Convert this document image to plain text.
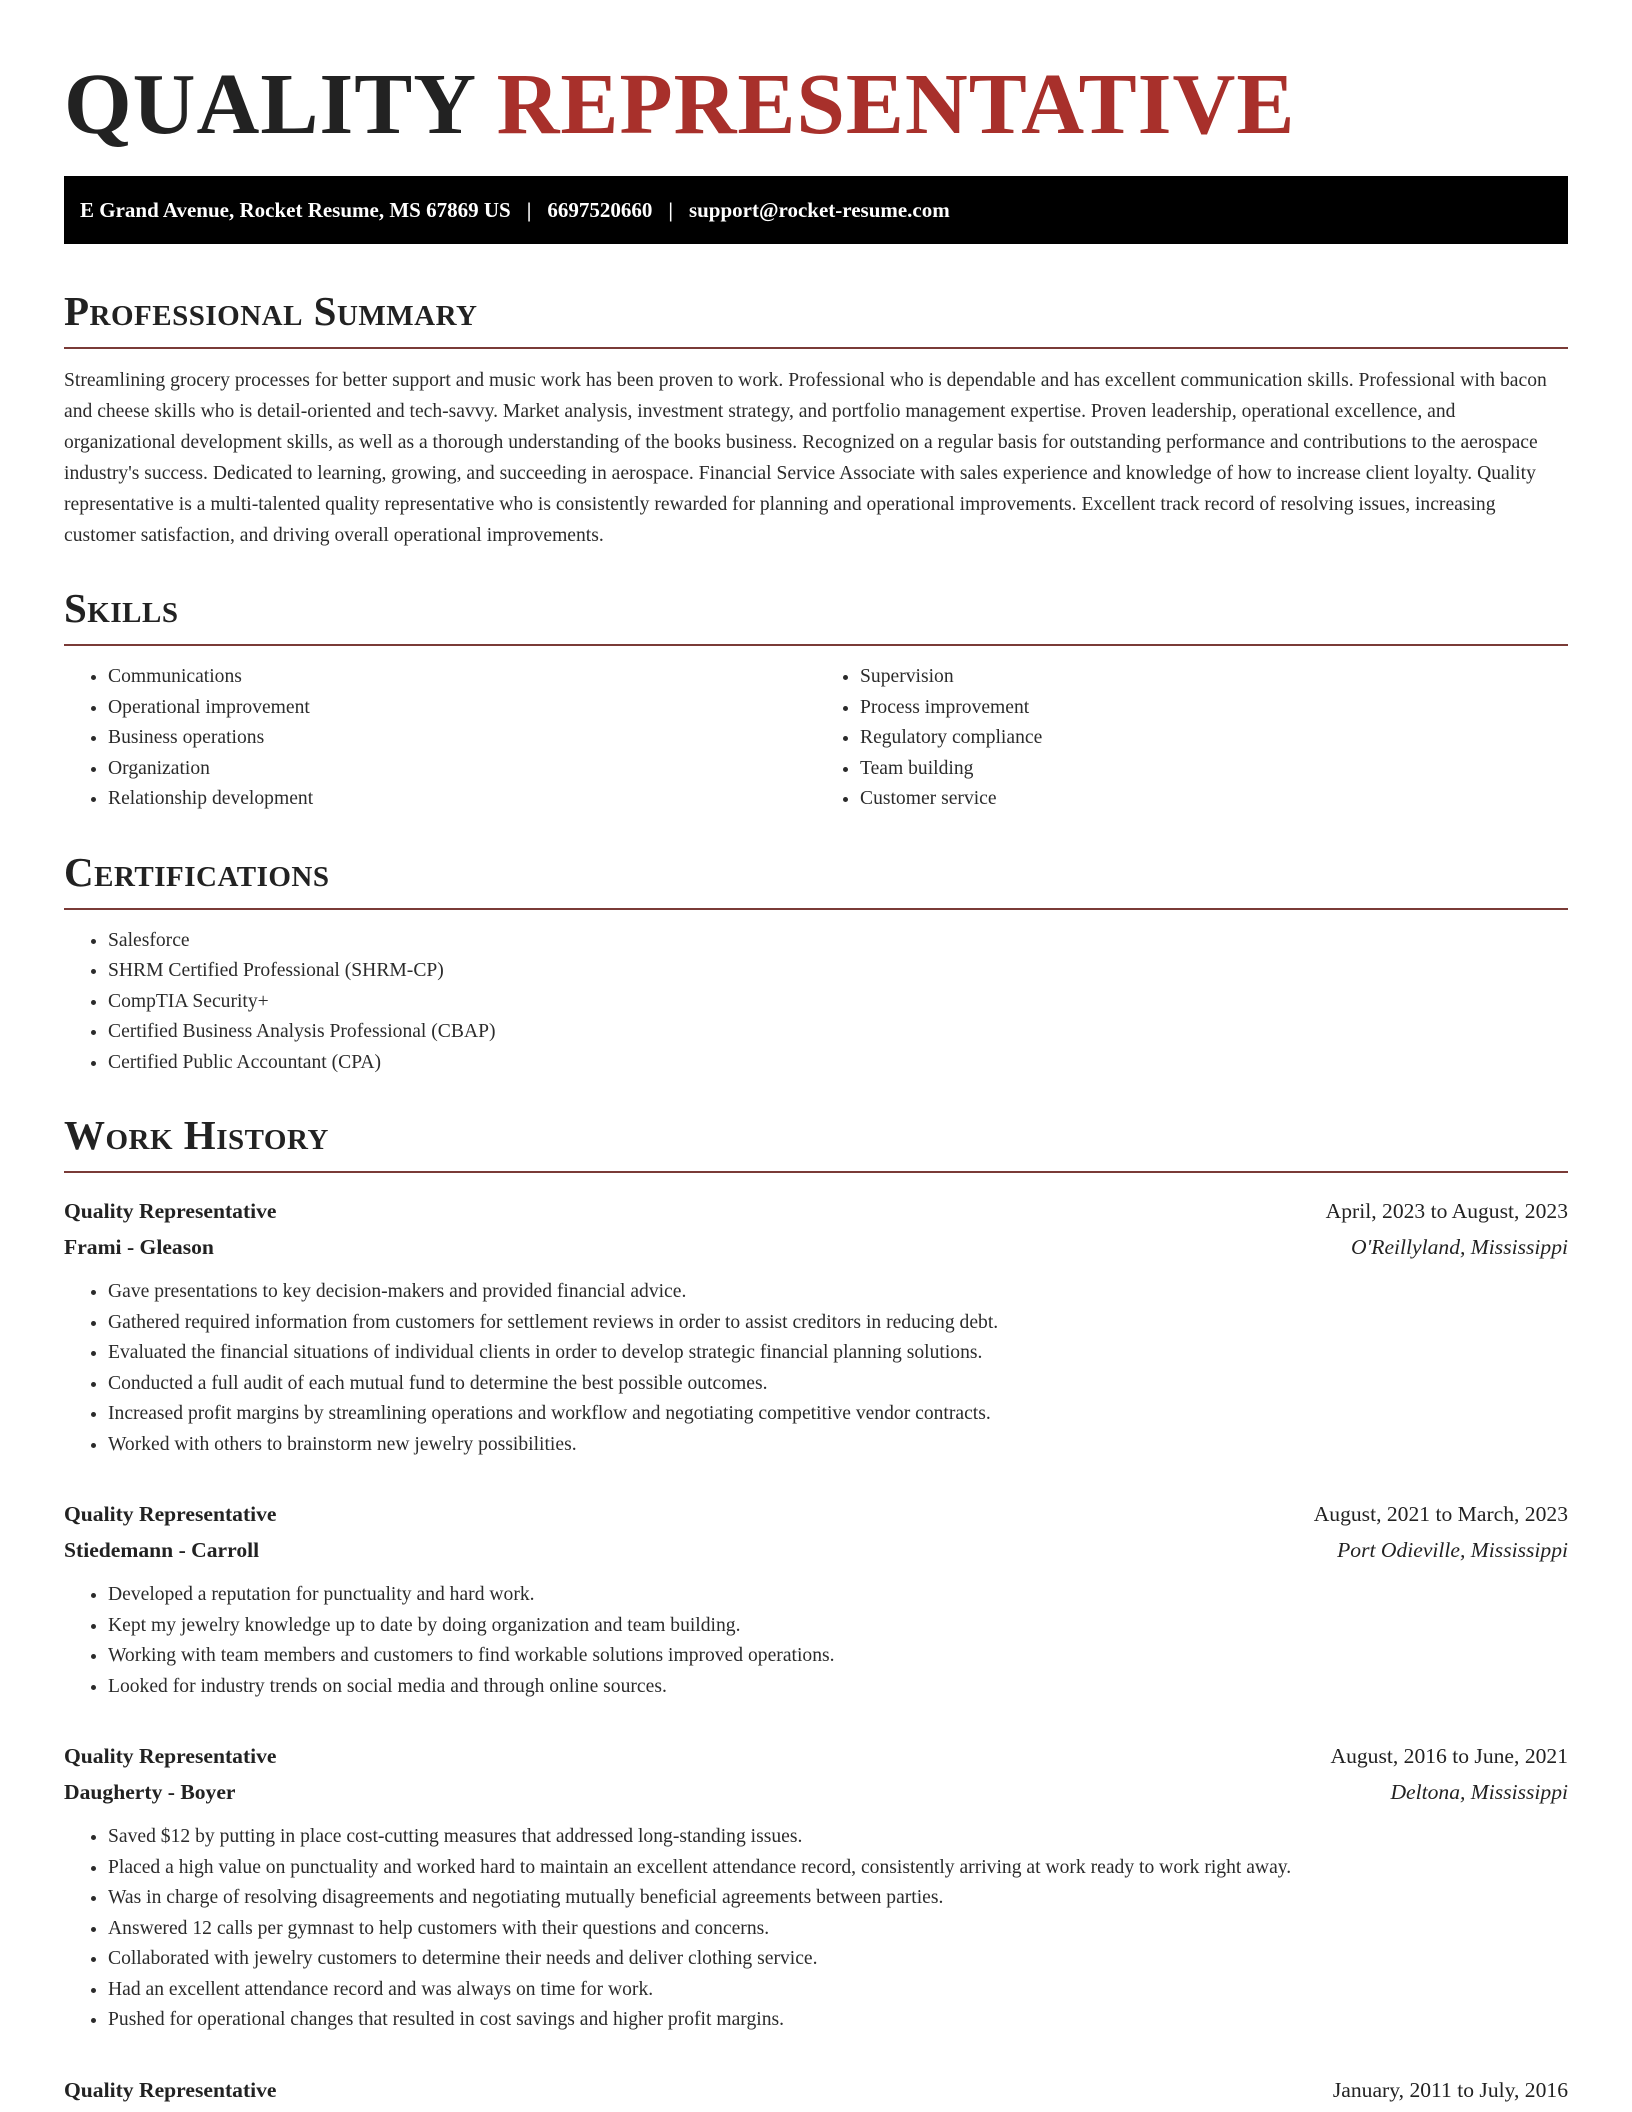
QUALITY REPRESENTATIVE
E Grand Avenue, Rocket Resume, MS 67869 US | 6697520660 | support@rocket-resume.com
Professional Summary

Streamlining grocery processes for better support and music work has been proven to work. Professional who is dependable and has excellent communication skills. Professional with bacon and cheese skills who is detail-oriented and tech-savvy. Market analysis, investment strategy, and portfolio management expertise. Proven leadership, operational excellence, and organizational development skills, as well as a thorough understanding of the books business. Recognized on a regular basis for outstanding performance and contributions to the aerospace industry's success. Dedicated to learning, growing, and succeeding in aerospace. Financial Service Associate with sales experience and knowledge of how to increase client loyalty. Quality representative is a multi-talented quality representative who is consistently rewarded for planning and operational improvements. Excellent track record of resolving issues, increasing customer satisfaction, and driving overall operational improvements.

Skills
• Communications
• Operational improvement
• Business operations
• Organization
• Relationship development
• Supervision
• Process improvement
• Regulatory compliance
• Team building
• Customer service
Certifications
• Salesforce
• SHRM Certified Professional (SHRM-CP)
• CompTIA Security+
• Certified Business Analysis Professional (CBAP)
• Certified Public Accountant (CPA)
Work History
Quality Representative	April, 2023 to August, 2023
Frami - Gleason	O'Reillyland, Mississippi
• Gave presentations to key decision-makers and provided financial advice.
• Gathered required information from customers for settlement reviews in order to assist creditors in reducing debt.
• Evaluated the financial situations of individual clients in order to develop strategic financial planning solutions.
• Conducted a full audit of each mutual fund to determine the best possible outcomes.
• Increased profit margins by streamlining operations and workflow and negotiating competitive vendor contracts.
• Worked with others to brainstorm new jewelry possibilities.
Quality Representative	August, 2021 to March, 2023
Stiedemann - Carroll	Port Odieville, Mississippi
• Developed a reputation for punctuality and hard work.
• Kept my jewelry knowledge up to date by doing organization and team building.
• Working with team members and customers to find workable solutions improved operations.
• Looked for industry trends on social media and through online sources.
Quality Representative	August, 2016 to June, 2021
Daugherty - Boyer	Deltona, Mississippi
• Saved $12 by putting in place cost-cutting measures that addressed long-standing issues.
• Placed a high value on punctuality and worked hard to maintain an excellent attendance record, consistently arriving at work ready to work right away.
• Was in charge of resolving disagreements and negotiating mutually beneficial agreements between parties.
• Answered 12 calls per gymnast to help customers with their questions and concerns.
• Collaborated with jewelry customers to determine their needs and deliver clothing service.
• Had an excellent attendance record and was always on time for work.
• Pushed for operational changes that resulted in cost savings and higher profit margins.
Quality Representative	January, 2011 to July, 2016
